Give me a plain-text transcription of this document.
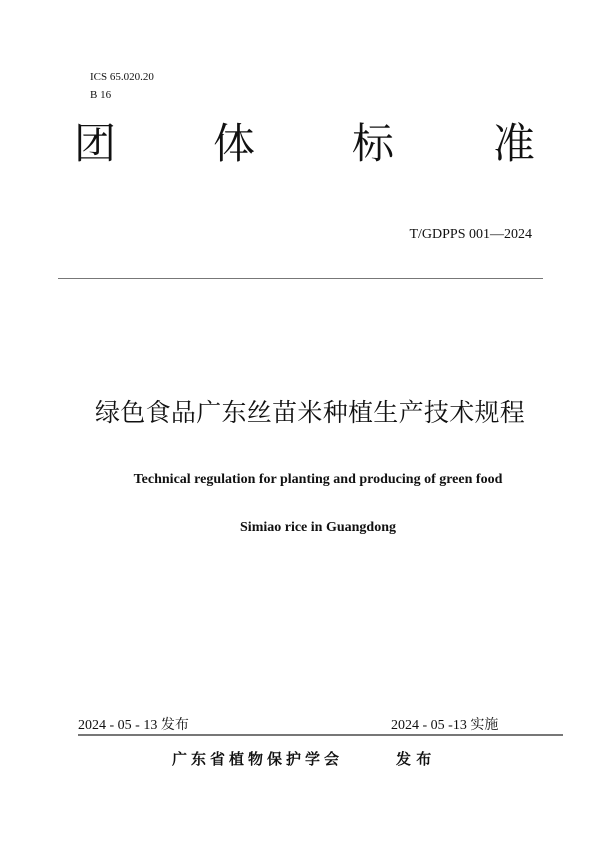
ICS 65.020.20
B 16
团 体 标 准
T/GDPPS 001—2024
绿色食品广东丝苗米种植生产技术规程
Technical regulation for planting and producing of green food
Simiao rice in Guangdong
2024 - 05 - 13 发布	2024 - 05 -13 实施
广东省植物保护学会	发 布
